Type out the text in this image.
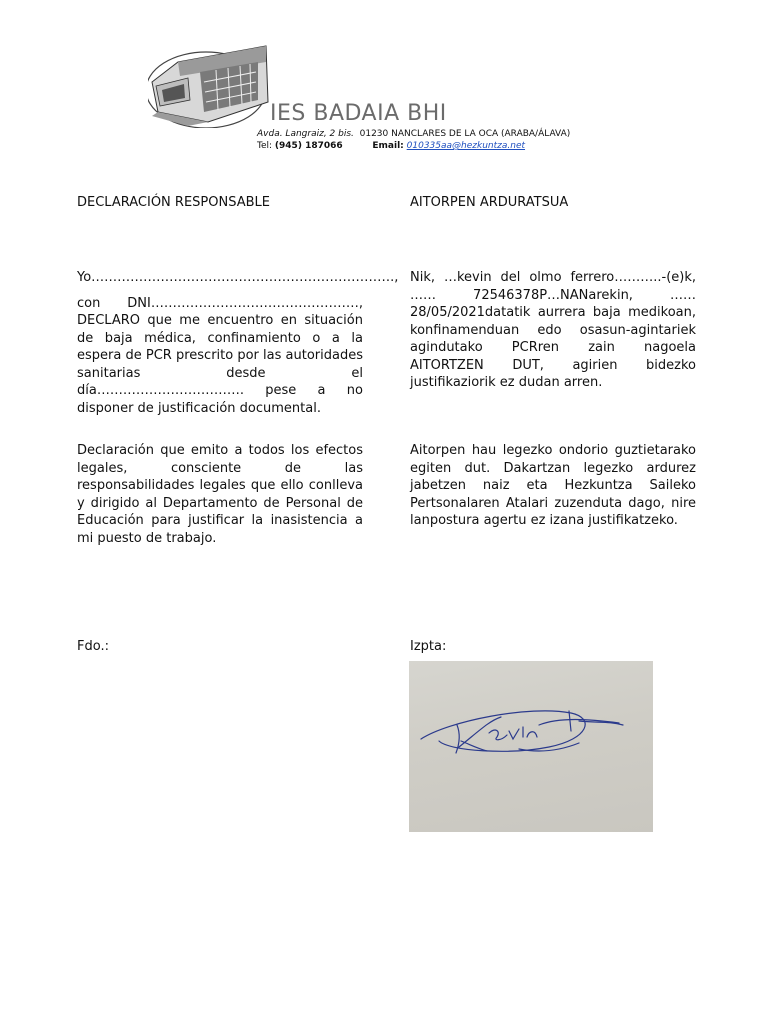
IES BADAIA BHI
Avda. Langraiz, 2 bis. 01230 NANCLARES DE LA OCA (ARABA/ÁLAVA)
Tel: (945) 187066	Email: 010335aa@hezkuntza.net
DECLARACIÓN RESPONSABLE
Yo…………………………………………………………….,
con DNI…………………………………………, DECLARO que me encuentro en situación de baja médica, confinamiento o a la espera de PCR prescrito por las autoridades sanitarias desde el día……………………………. pese a no disponer de justificación documental.
Declaración que emito a todos los efectos legales, consciente de las responsabilidades legales que ello conlleva y dirigido al Departamento de Personal de Educación para justificar la inasistencia a mi puesto de trabajo.
Fdo.:
AITORPEN ARDURATSUA
Nik, …kevin del olmo ferrero………..-(e)k, …… 72546378P…NANarekin, …… 28/05/2021datatik aurrera baja medikoan, konfinamenduan edo osasun-agintariek agindutako PCRren zain nagoela AITORTZEN DUT, agirien bidezko justifikaziorik ez dudan arren.
Aitorpen hau legezko ondorio guztietarako egiten dut. Dakartzan legezko ardurez jabetzen naiz eta Hezkuntza Saileko Pertsonalaren Atalari zuzenduta dago, nire lanpostura agertu ez izana justifikatzeko.
Izpta:
